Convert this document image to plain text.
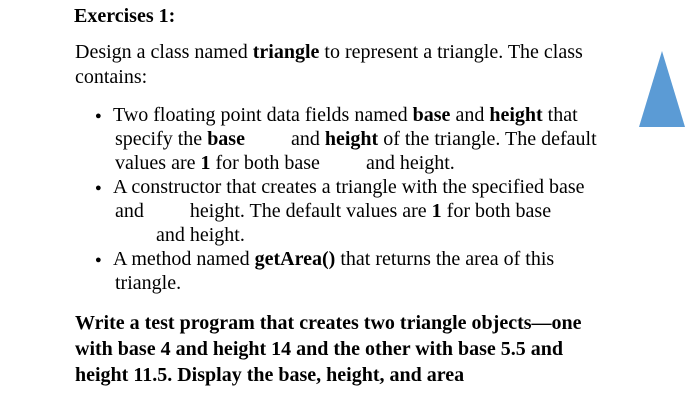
Exercises 1:
Design a class named triangle to represent a triangle. The class
contains:
● Two floating point data fields named base and height that
specify the base and height of the triangle. The default
values are 1 for both base and height.
● A constructor that creates a triangle with the specified base
and height. The default values are 1 for both base
and height.
● A method named getArea() that returns the area of this
triangle.
Write a test program that creates two triangle objects—one
with base 4 and height 14 and the other with base 5.5 and
height 11.5. Display the base, height, and area
